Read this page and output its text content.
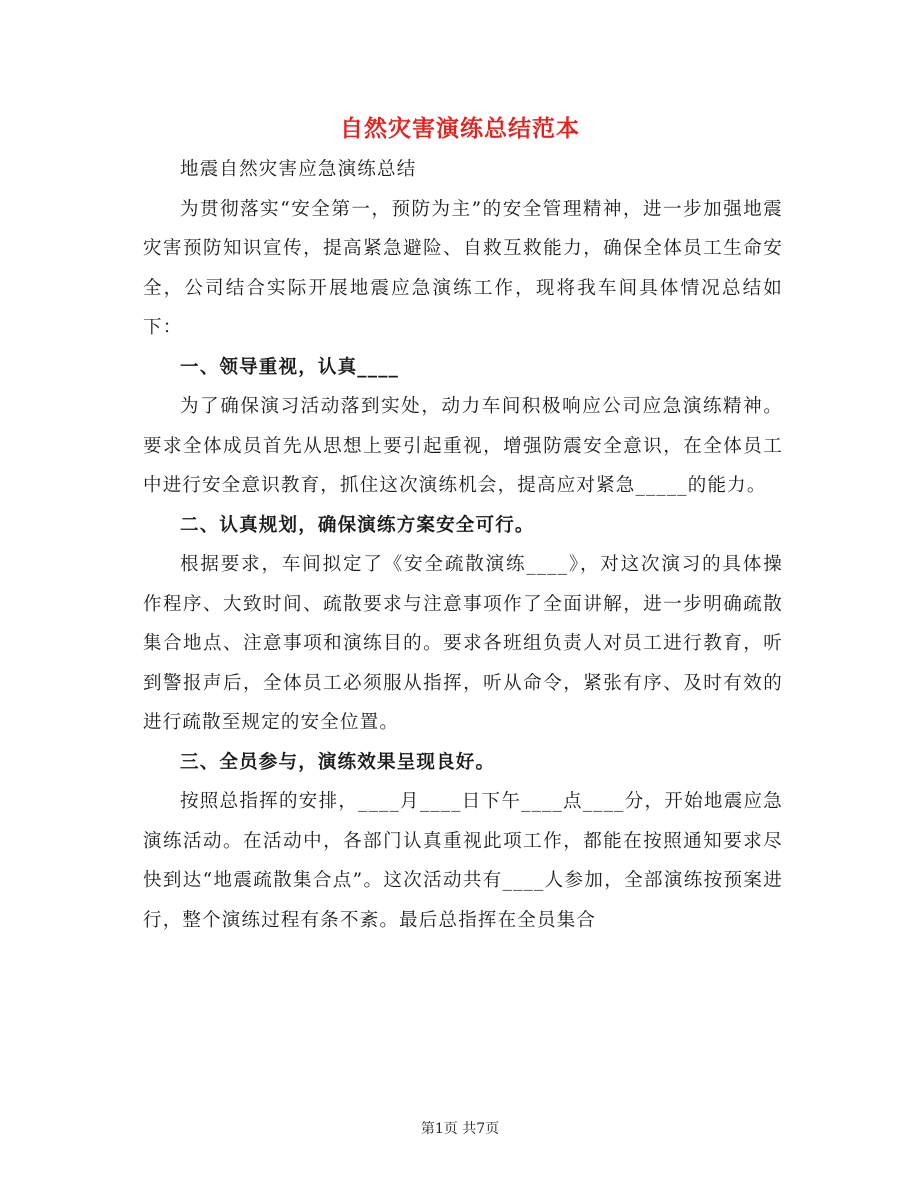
自然灾害演练总结范本

地震自然灾害应急演练总结

为贯彻落实“安全第一，预防为主”的安全管理精神，进一步加强地震灾害预防知识宣传，提高紧急避险、自救互救能力，确保全体员工生命安全，公司结合实际开展地震应急演练工作，现将我车间具体情况总结如下：

一、领导重视，认真____

为了确保演习活动落到实处，动力车间积极响应公司应急演练精神。要求全体成员首先从思想上要引起重视，增强防震安全意识，在全体员工中进行安全意识教育，抓住这次演练机会，提高应对紧急_____的能力。

二、认真规划，确保演练方案安全可行。

根据要求，车间拟定了《安全疏散演练____》，对这次演习的具体操作程序、大致时间、疏散要求与注意事项作了全面讲解，进一步明确疏散集合地点、注意事项和演练目的。要求各班组负责人对员工进行教育，听到警报声后，全体员工必须服从指挥，听从命令，紧张有序、及时有效的进行疏散至规定的安全位置。

三、全员参与，演练效果呈现良好。

按照总指挥的安排，____月____日下午____点____分，开始地震应急演练活动。在活动中，各部门认真重视此项工作，都能在按照通知要求尽快到达“地震疏散集合点”。这次活动共有____人参加，全部演练按预案进行，整个演练过程有条不紊。最后总指挥在全员集合

第1页 共7页
